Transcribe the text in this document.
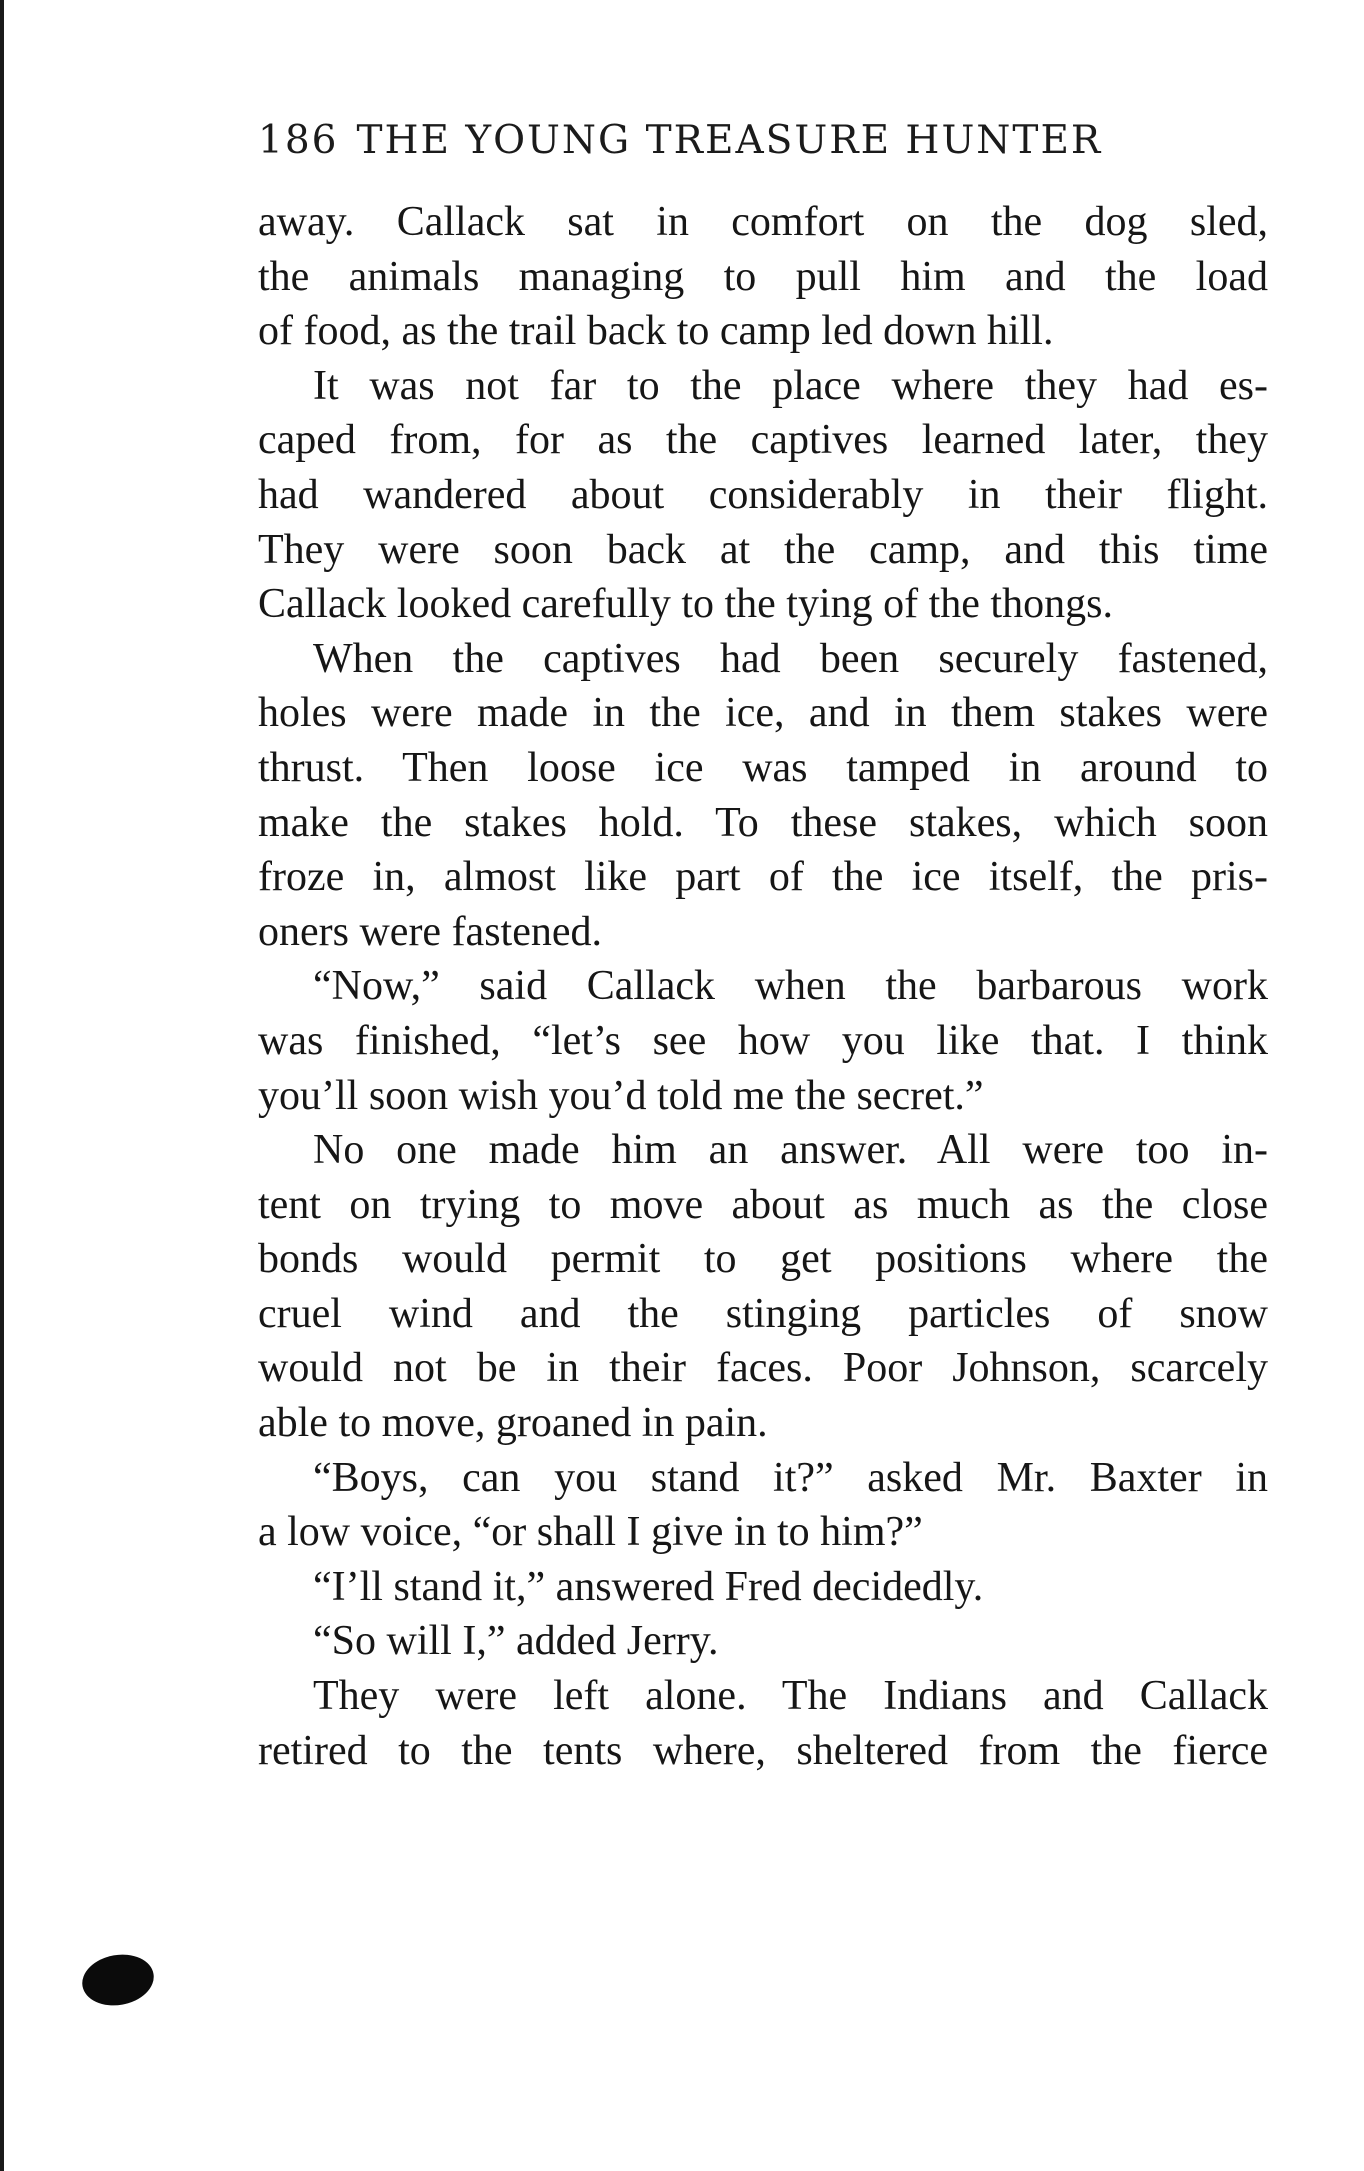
186 THE YOUNG TREASURE HUNTER
away. Callack sat in comfort on the dog sled,
the animals managing to pull him and the load
of food, as the trail back to camp led down hill.
It was not far to the place where they had es-
caped from, for as the captives learned later, they
had wandered about considerably in their flight.
They were soon back at the camp, and this time
Callack looked carefully to the tying of the thongs.
When the captives had been securely fastened,
holes were made in the ice, and in them stakes were
thrust. Then loose ice was tamped in around to
make the stakes hold. To these stakes, which soon
froze in, almost like part of the ice itself, the pris-
oners were fastened.
“Now,” said Callack when the barbarous work
was finished, “let’s see how you like that. I think
you’ll soon wish you’d told me the secret.”
No one made him an answer. All were too in-
tent on trying to move about as much as the close
bonds would permit to get positions where the
cruel wind and the stinging particles of snow
would not be in their faces. Poor Johnson, scarcely
able to move, groaned in pain.
“Boys, can you stand it?” asked Mr. Baxter in
a low voice, “or shall I give in to him?”
“I’ll stand it,” answered Fred decidedly.
“So will I,” added Jerry.
They were left alone. The Indians and Callack
retired to the tents where, sheltered from the fierce
